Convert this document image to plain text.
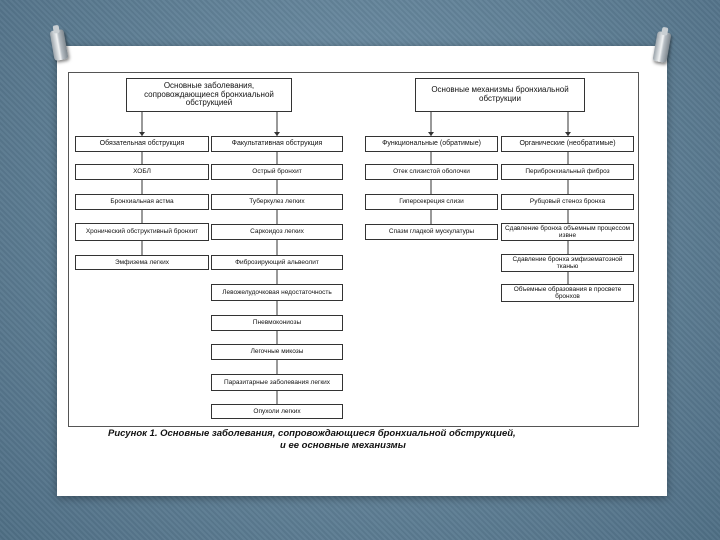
Основные заболевания, сопровождающиеся бронхиальной обструкцией
Основные механизмы бронхиальной обструкции
Обязательная обструкция	Факультативная обструкция	Функциональные (обратимые)	Органические (необратимые)
ХОБЛ
Бронхиальная астма
Хронический обструктивный бронхит
Эмфизема легких
Острый бронхит
Туберкулез легких
Саркоидоз легких
Фиброзирующий альвеолит
Левожелудочковая недостаточность
Пневмокониозы
Легочные микозы
Паразитарные заболевания легких
Опухоли легких
Отек слизистой оболочки
Гиперсекреция слизи
Спазм гладкой мускулатуры
Перибронхиальный фиброз
Рубцовый стеноз бронха
Сдавление бронха объемным процессом извне
Сдавление бронха эмфизематозной тканью
Объемные образования в просвете бронхов
Рисунок 1. Основные заболевания, сопровождающиеся бронхиальной обструкцией,
и ее основные механизмы
